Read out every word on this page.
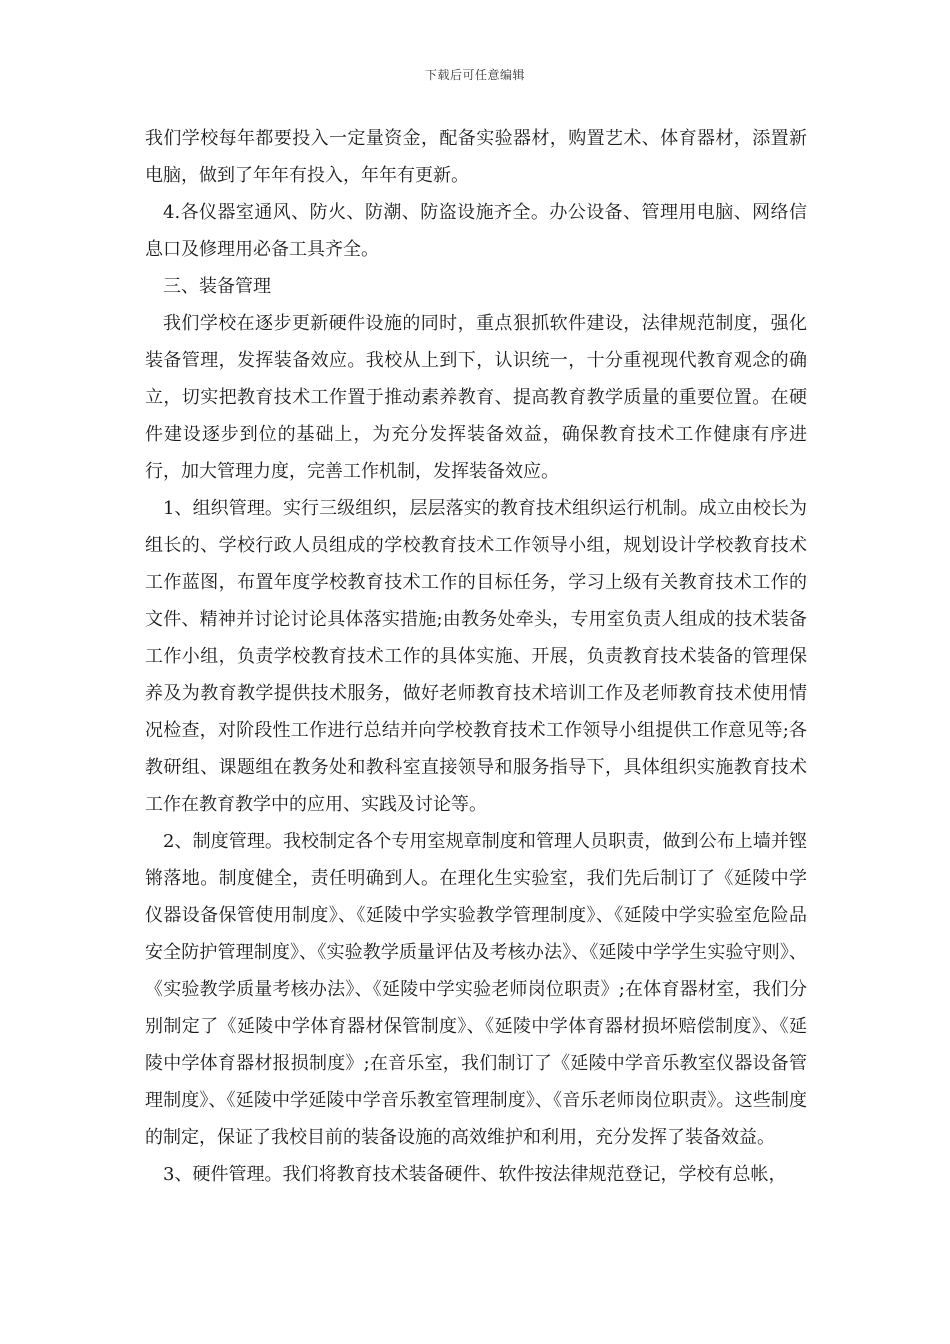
下载后可任意编辑

我们学校每年都要投入一定量资金，配备实验器材，购置艺术、体育器材，添置新电脑，做到了年年有投入，年年有更新。

4.各仪器室通风、防火、防潮、防盗设施齐全。办公设备、管理用电脑、网络信息口及修理用必备工具齐全。

三、装备管理

我们学校在逐步更新硬件设施的同时，重点狠抓软件建设，法律规范制度，强化装备管理，发挥装备效应。我校从上到下，认识统一，十分重视现代教育观念的确立，切实把教育技术工作置于推动素养教育、提高教育教学质量的重要位置。在硬件建设逐步到位的基础上，为充分发挥装备效益，确保教育技术工作健康有序进行，加大管理力度，完善工作机制，发挥装备效应。

1、组织管理。实行三级组织，层层落实的教育技术组织运行机制。成立由校长为组长的、学校行政人员组成的学校教育技术工作领导小组，规划设计学校教育技术工作蓝图，布置年度学校教育技术工作的目标任务，学习上级有关教育技术工作的文件、精神并讨论讨论具体落实措施;由教务处牵头，专用室负责人组成的技术装备工作小组，负责学校教育技术工作的具体实施、开展，负责教育技术装备的管理保养及为教育教学提供技术服务，做好老师教育技术培训工作及老师教育技术使用情况检查，对阶段性工作进行总结并向学校教育技术工作领导小组提供工作意见等;各教研组、课题组在教务处和教科室直接领导和服务指导下，具体组织实施教育技术工作在教育教学中的应用、实践及讨论等。

2、制度管理。我校制定各个专用室规章制度和管理人员职责，做到公布上墙并铿锵落地。制度健全，责任明确到人。在理化生实验室，我们先后制订了《延陵中学仪器设备保管使用制度》、《延陵中学实验教学管理制度》、《延陵中学实验室危险品安全防护管理制度》、《实验教学质量评估及考核办法》、《延陵中学学生实验守则》、《实验教学质量考核办法》、《延陵中学实验老师岗位职责》;在体育器材室，我们分别制定了《延陵中学体育器材保管制度》、《延陵中学体育器材损坏赔偿制度》、《延陵中学体育器材报损制度》;在音乐室，我们制订了《延陵中学音乐教室仪器设备管理制度》、《延陵中学延陵中学音乐教室管理制度》、《音乐老师岗位职责》。这些制度的制定，保证了我校目前的装备设施的高效维护和利用，充分发挥了装备效益。

3、硬件管理。我们将教育技术装备硬件、软件按法律规范登记，学校有总帐，
